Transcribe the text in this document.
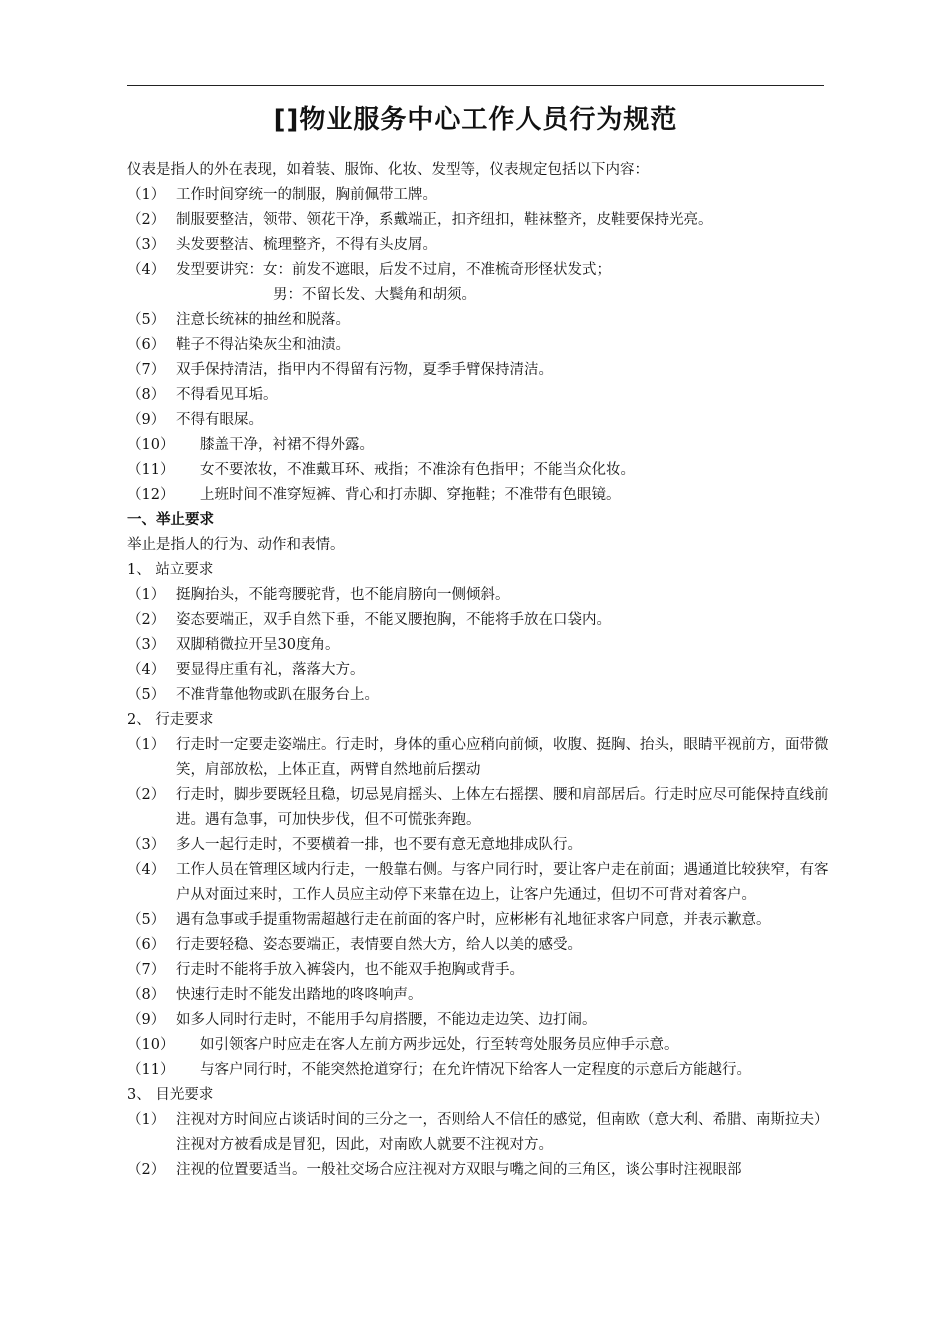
[]物业服务中心工作人员行为规范
仪表是指人的外在表现，如着装、服饰、化妆、发型等，仪表规定包括以下内容：
（1） 工作时间穿统一的制服，胸前佩带工牌。
（2） 制服要整洁，领带、领花干净，系戴端正，扣齐纽扣，鞋袜整齐，皮鞋要保持光亮。
（3） 头发要整洁、梳理整齐，不得有头皮屑。
（4） 发型要讲究：女：前发不遮眼，后发不过肩，不准梳奇形怪状发式；
男：不留长发、大鬓角和胡须。
（5） 注意长统袜的抽丝和脱落。
（6） 鞋子不得沾染灰尘和油渍。
（7） 双手保持清洁，指甲内不得留有污物，夏季手臂保持清洁。
（8） 不得看见耳垢。
（9） 不得有眼屎。
（10）	膝盖干净，衬裙不得外露。
（11）	女不要浓妆，不准戴耳环、戒指；不准涂有色指甲；不能当众化妆。
（12）	上班时间不准穿短裤、背心和打赤脚、穿拖鞋；不准带有色眼镜。
一、举止要求
举止是指人的行为、动作和表情。
1、 站立要求
（1） 挺胸抬头，不能弯腰驼背，也不能肩膀向一侧倾斜。
（2） 姿态要端正，双手自然下垂，不能叉腰抱胸，不能将手放在口袋内。
（3） 双脚稍微拉开呈30度角。
（4） 要显得庄重有礼，落落大方。
（5） 不准背靠他物或趴在服务台上。
2、 行走要求
（1） 行走时一定要走姿端庄。行走时，身体的重心应稍向前倾，收腹、挺胸、抬头，眼睛平视前方，面带微笑，肩部放松，上体正直，两臂自然地前后摆动
（2） 行走时，脚步要既轻且稳，切忌晃肩摇头、上体左右摇摆、腰和肩部居后。行走时应尽可能保持直线前进。遇有急事，可加快步伐，但不可慌张奔跑。
（3） 多人一起行走时，不要横着一排，也不要有意无意地排成队行。
（4） 工作人员在管理区域内行走，一般靠右侧。与客户同行时，要让客户走在前面；遇通道比较狭窄，有客户从对面过来时，工作人员应主动停下来靠在边上，让客户先通过，但切不可背对着客户。
（5） 遇有急事或手提重物需超越行走在前面的客户时，应彬彬有礼地征求客户同意，并表示歉意。
（6） 行走要轻稳、姿态要端正，表情要自然大方，给人以美的感受。
（7） 行走时不能将手放入裤袋内，也不能双手抱胸或背手。
（8） 快速行走时不能发出踏地的咚咚响声。
（9） 如多人同时行走时，不能用手勾肩搭腰，不能边走边笑、边打闹。
（10）	如引领客户时应走在客人左前方两步远处，行至转弯处服务员应伸手示意。
（11）	与客户同行时，不能突然抢道穿行；在允许情况下给客人一定程度的示意后方能越行。
3、 目光要求
（1） 注视对方时间应占谈话时间的三分之一，否则给人不信任的感觉，但南欧（意大利、希腊、南斯拉夫）注视对方被看成是冒犯，因此，对南欧人就要不注视对方。
（2） 注视的位置要适当。一般社交场合应注视对方双眼与嘴之间的三角区，谈公事时注视眼部
